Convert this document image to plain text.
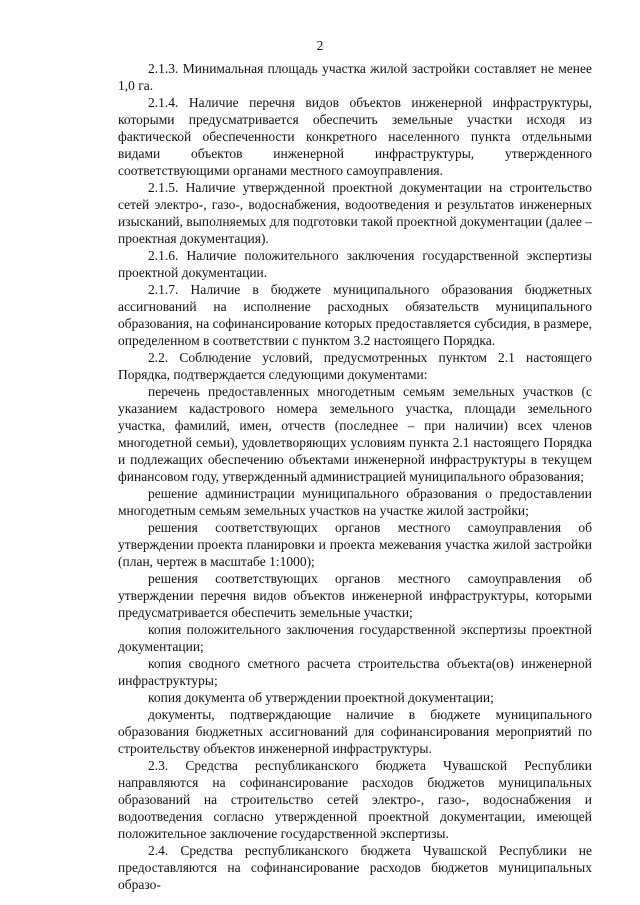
2

2.1.3. Минимальная площадь участка жилой застройки составляет не менее 1,0 га.

2.1.4. Наличие перечня видов объектов инженерной инфраструктуры, которыми предусматривается обеспечить земельные участки исходя из фактической обеспеченности конкретного населенного пункта отдельными видами объектов инженерной инфраструктуры, утвержденного соответствующими органами местного самоуправления.

2.1.5. Наличие утвержденной проектной документации на строительство сетей электро-, газо-, водоснабжения, водоотведения и результатов инженерных изысканий, выполняемых для подготовки такой проектной документации (далее – проектная документация).

2.1.6. Наличие положительного заключения государственной экспертизы проектной документации.

2.1.7. Наличие в бюджете муниципального образования бюджетных ассигнований на исполнение расходных обязательств муниципального образования, на софинансирование которых предоставляется субсидия, в размере, определенном в соответствии с пунктом 3.2 настоящего Порядка.

2.2. Соблюдение условий, предусмотренных пунктом 2.1 настоящего Порядка, подтверждается следующими документами:

перечень предоставленных многодетным семьям земельных участков (с указанием кадастрового номера земельного участка, площади земельного участка, фамилий, имен, отчеств (последнее – при наличии) всех членов многодетной семьи), удовлетворяющих условиям пункта 2.1 настоящего Порядка и подлежащих обеспечению объектами инженерной инфраструктуры в текущем финансовом году, утвержденный администрацией муниципального образования;

решение администрации муниципального образования о предоставлении многодетным семьям земельных участков на участке жилой застройки;

решения соответствующих органов местного самоуправления об утверждении проекта планировки и проекта межевания участка жилой застройки (план, чертеж в масштабе 1:1000);

решения соответствующих органов местного самоуправления об утверждении перечня видов объектов инженерной инфраструктуры, которыми предусматривается обеспечить земельные участки;

копия положительного заключения государственной экспертизы проектной документации;

копия сводного сметного расчета строительства объекта(ов) инженерной инфраструктуры;

копия документа об утверждении проектной документации;

документы, подтверждающие наличие в бюджете муниципального образования бюджетных ассигнований для софинансирования мероприятий по строительству объектов инженерной инфраструктуры.

2.3. Средства республиканского бюджета Чувашской Республики направляются на софинансирование расходов бюджетов муниципальных образований на строительство сетей электро-, газо-, водоснабжения и водоотведения согласно утвержденной проектной документации, имеющей положительное заключение государственной экспертизы.

2.4. Средства республиканского бюджета Чувашской Республики не предоставляются на софинансирование расходов бюджетов муниципальных образо-
